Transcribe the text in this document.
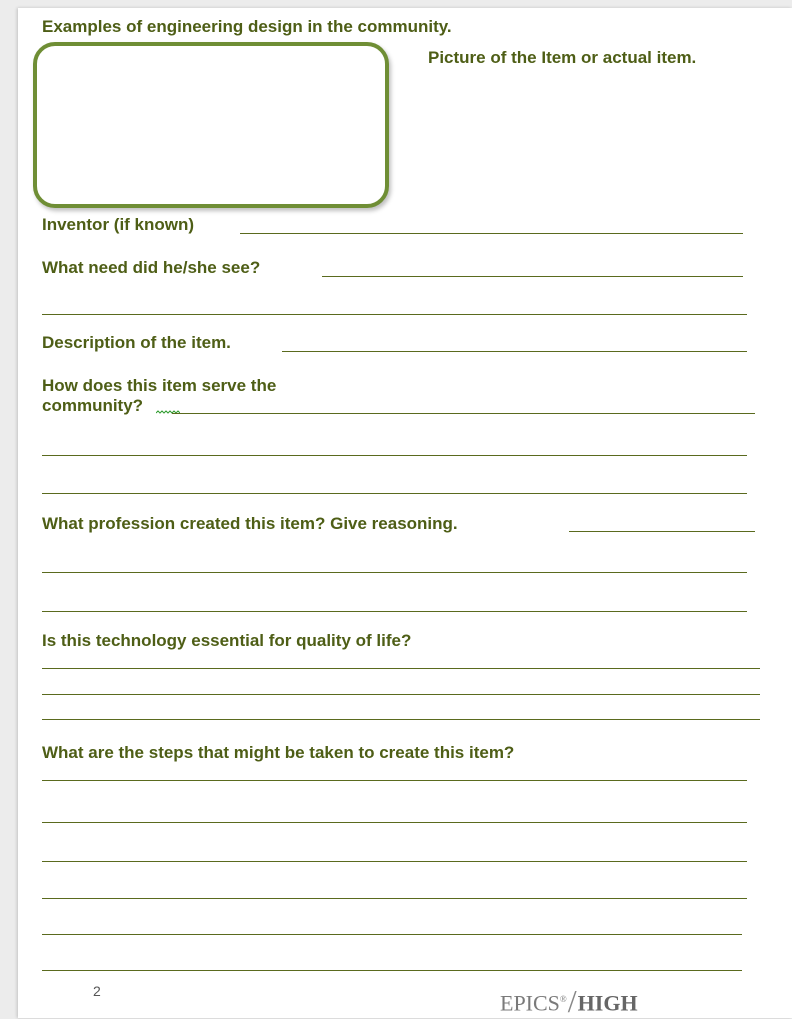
Examples of engineering design in the community.
Picture of the Item or actual item.
Inventor (if known)
What need did he/she see?
Description of the item.
How does this item serve the
community?
What profession created this item? Give reasoning.
Is this technology essential for quality of life?
What are the steps that might be taken to create this item?
2	EPICS®/HIGH
